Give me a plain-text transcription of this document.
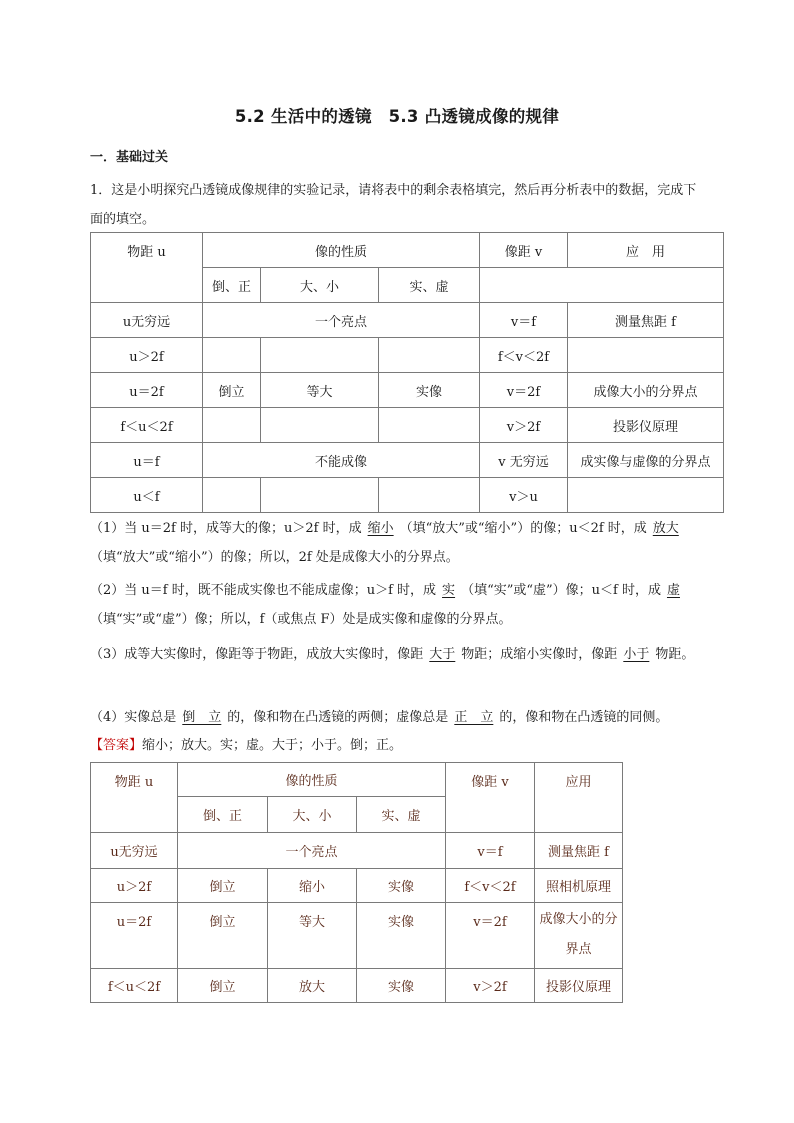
5.2 生活中的透镜　5.3 凸透镜成像的规律
一．基础过关
1．这是小明探究凸透镜成像规律的实验记录，请将表中的剩余表格填完，然后再分析表中的数据，完成下
面的填空。
物距 u	像的性质			像距 v	应　用
	倒、正	大、小	实、虚		
u无穷远	一个亮点			v＝f	测量焦距 f
u＞2f				f＜v＜2f	
u＝2f	倒立	等大	实像	v＝2f	成像大小的分界点
f＜u＜2f				v＞2f	投影仪原理
u＝f	不能成像			v 无穷远	成实像与虚像的分界点
u＜f				v＞u	
（1）当 u＝2f 时，成等大的像；u＞2f 时，成 缩小 （填“放大”或“缩小”）的像；u＜2f 时，成 放大（填“放大”或“缩小”）的像；所以，2f 处是成像大小的分界点。
（2）当 u＝f 时，既不能成实像也不能成虚像；u＞f 时，成 实 （填“实”或“虚”）像；u＜f 时，成 虚（填“实”或“虚”）像；所以，f（或焦点 F）处是成实像和虚像的分界点。
（3）成等大实像时，像距等于物距，成放大实像时，像距 大于 物距；成缩小实像时，像距 小于 物距。
（4）实像总是 倒　立 的，像和物在凸透镜的两侧；虚像总是 正　立 的，像和物在凸透镜的同侧。
【答案】缩小；放大。实；虚。大于；小于。倒；正。
物距 u	像的性质			像距 v	应用
	倒、正	大、小	实、虚		
u无穷远	一个亮点			v＝f	测量焦距 f
u＞2f	倒立	缩小	实像	f＜v＜2f	照相机原理
u＝2f	倒立	等大	实像	v＝2f	成像大小的分
界点

f＜u＜2f	倒立	放大	实像	v＞2f	投影仪原理
